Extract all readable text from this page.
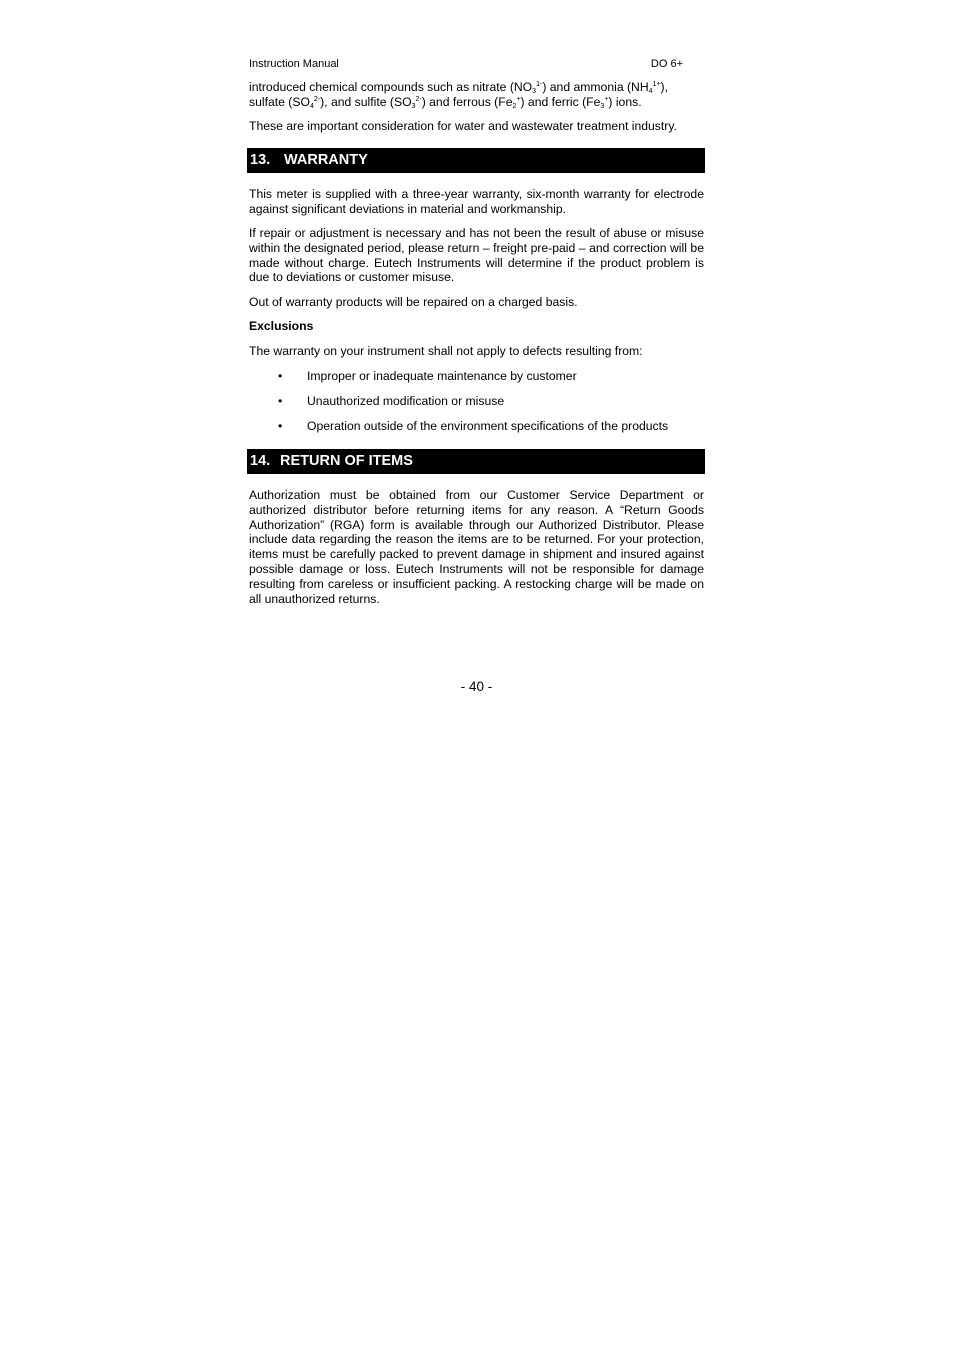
Instruction Manual	DO 6+

introduced chemical compounds such as nitrate $(NO_3^{1-})$ and ammonia $(NH_4^{1+})$,
sulfate $(SO_4^{2-})$, and sulfite $(SO_3^{2-})$ and ferrous $(Fe_2^+)$ and ferric $(Fe_3^+)$ ions.

These are important consideration for water and wastewater treatment industry.

13. WARRANTY

This meter is supplied with a three-year warranty, six-month warranty for electrode against significant deviations in material and workmanship.

If repair or adjustment is necessary and has not been the result of abuse or misuse within the designated period, please return – freight pre-paid – and correction will be made without charge. Eutech Instruments will determine if the product problem is due to deviations or customer misuse.

Out of warranty products will be repaired on a charged basis.

Exclusions

The warranty on your instrument shall not apply to defects resulting from:

• Improper or inadequate maintenance by customer
• Unauthorized modification or misuse
• Operation outside of the environment specifications of the products
14. RETURN OF ITEMS

Authorization must be obtained from our Customer Service Department or authorized distributor before returning items for any reason. A “Return Goods Authorization” (RGA) form is available through our Authorized Distributor. Please include data regarding the reason the items are to be returned. For your protection, items must be carefully packed to prevent damage in shipment and insured against possible damage or loss. Eutech Instruments will not be responsible for damage resulting from careless or insufficient packing. A restocking charge will be made on all unauthorized returns.

- 40 -
